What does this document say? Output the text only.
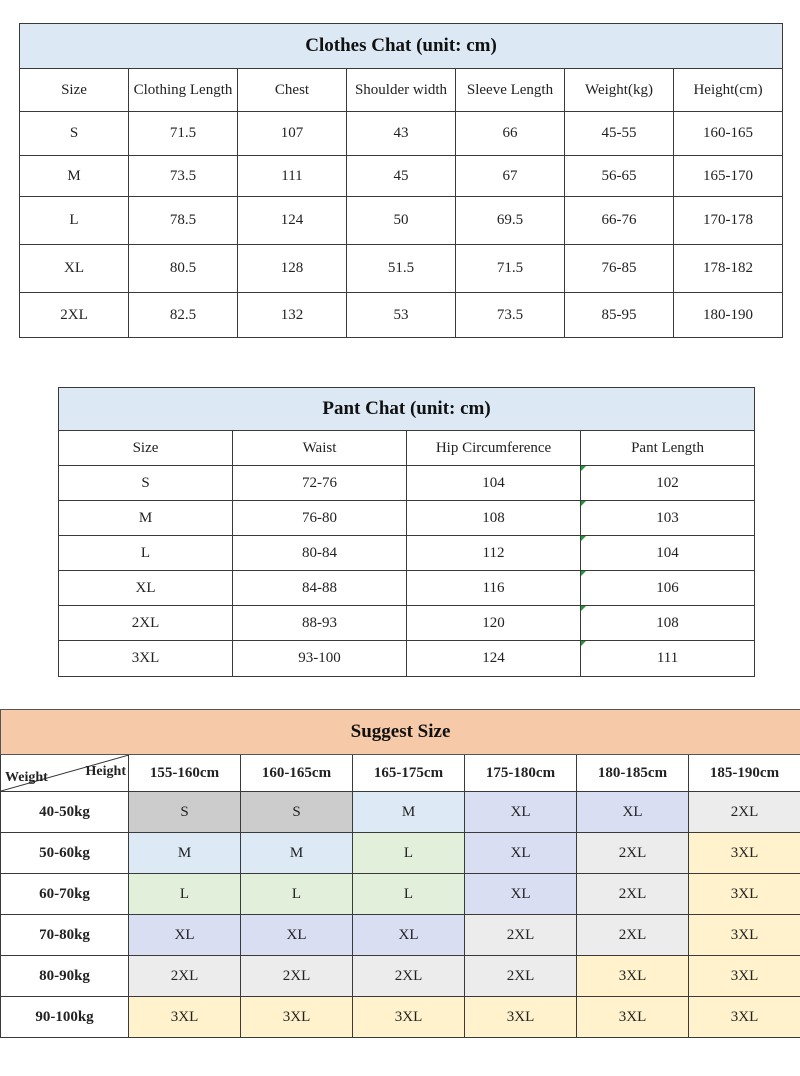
Clothes Chat (unit: cm)						
Size	Clothing Length	Chest	Shoulder width	Sleeve Length	Weight(kg)	Height(cm)
S	71.5	107	43	66	45-55	160-165
M	73.5	111	45	67	56-65	165-170
L	78.5	124	50	69.5	66-76	170-178
XL	80.5	128	51.5	71.5	76-85	178-182
2XL	82.5	132	53	73.5	85-95	180-190
Pant Chat (unit: cm)			
Size	Waist	Hip Circumference	Pant Length
S	72-76	104	102
M	76-80	108	103
L	80-84	112	104
XL	84-88	116	106
2XL	88-93	120	108
3XL	93-100	124	111
Suggest Size						

Weight Height	155-160cm	160-165cm	165-175cm	175-180cm	180-185cm	185-190cm
40-50kg	S	S	M	XL	XL	2XL
50-60kg	M	M	L	XL	2XL	3XL
60-70kg	L	L	L	XL	2XL	3XL
70-80kg	XL	XL	XL	2XL	2XL	3XL
80-90kg	2XL	2XL	2XL	2XL	3XL	3XL
90-100kg	3XL	3XL	3XL	3XL	3XL	3XL
